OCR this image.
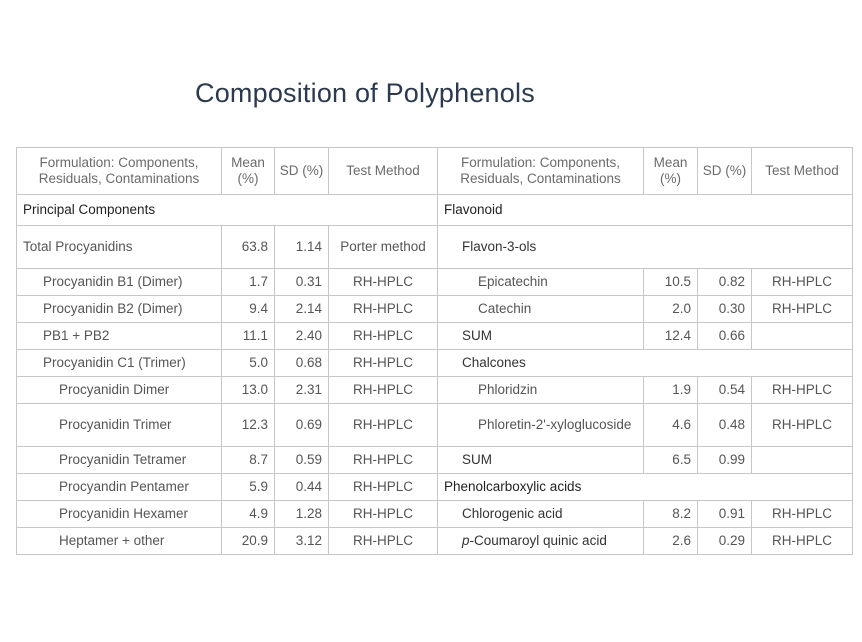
Composition of Polyphenols
Formulation: Components, Residuals, Contaminations	Mean (%)	SD (%)	Test Method	Formulation: Components, Residuals, Contaminations	Mean (%)	SD (%)	Test Method
Principal Components				Flavonoid			
Total Procyanidins	63.8	1.14	Porter method	Flavon-3-ols			
Procyanidin B1 (Dimer)	1.7	0.31	RH-HPLC	Epicatechin	10.5	0.82	RH-HPLC
Procyanidin B2 (Dimer)	9.4	2.14	RH-HPLC	Catechin	2.0	0.30	RH-HPLC
PB1 + PB2	11.1	2.40	RH-HPLC	SUM	12.4	0.66	
Procyanidin C1 (Trimer)	5.0	0.68	RH-HPLC	Chalcones			
Procyanidin Dimer	13.0	2.31	RH-HPLC	Phloridzin	1.9	0.54	RH-HPLC
Procyanidin Trimer	12.3	0.69	RH-HPLC	Phloretin-2'-xyloglucoside	4.6	0.48	RH-HPLC
Procyanidin Tetramer	8.7	0.59	RH-HPLC	SUM	6.5	0.99	
Procyandin Pentamer	5.9	0.44	RH-HPLC	Phenolcarboxylic acids			
Procyanidin Hexamer	4.9	1.28	RH-HPLC	Chlorogenic acid	8.2	0.91	RH-HPLC
Heptamer + other	20.9	3.12	RH-HPLC	p-Coumaroyl quinic acid	2.6	0.29	RH-HPLC
